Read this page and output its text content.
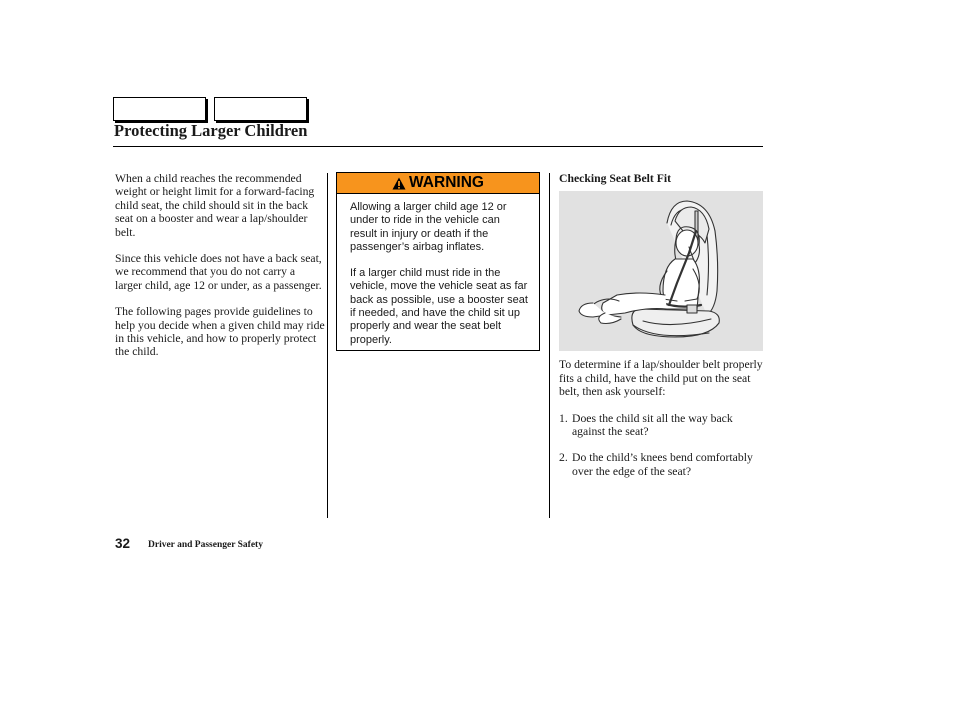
Protecting Larger Children

When a child reaches the recommended weight or height limit for a forward-facing child seat, the child should sit in the back seat on a booster and wear a lap/shoulder belt.

Since this vehicle does not have a back seat, we recommend that you do not carry a larger child, age 12 or under, as a passenger.

The following pages provide guidelines to help you decide when a given child may ride in this vehicle, and how to properly protect the child.

WARNING

Allowing a larger child age 12 or under to ride in the vehicle can result in injury or death if the passenger’s airbag inflates.

If a larger child must ride in the vehicle, move the vehicle seat as far back as possible, use a booster seat if needed, and have the child sit up properly and wear the seat belt properly.

Checking Seat Belt Fit

To determine if a lap/shoulder belt properly fits a child, have the child put on the seat belt, then ask yourself:

1. Does the child sit all the way back against the seat?
2. Do the child’s knees bend comfortably over the edge of the seat?
32 Driver and Passenger Safety
